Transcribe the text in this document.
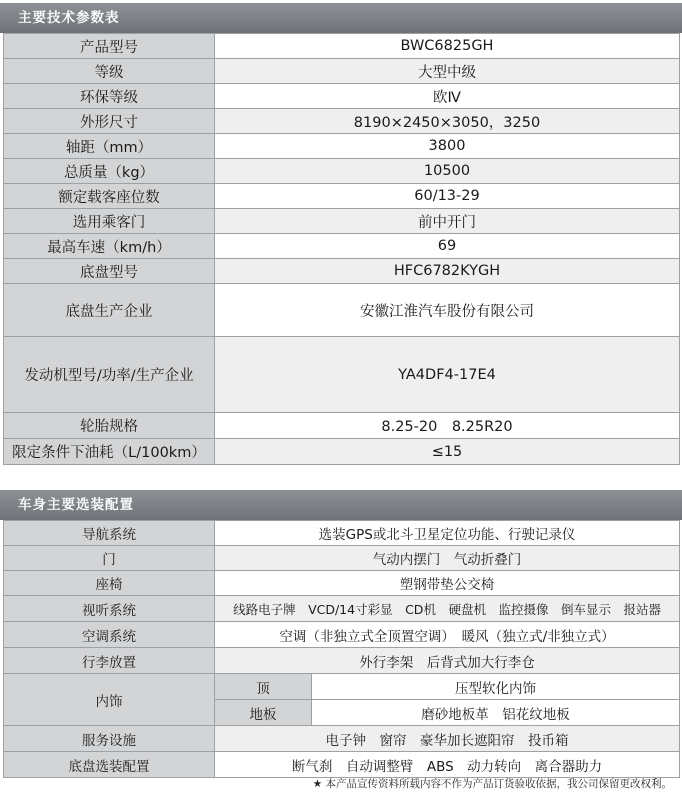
主要技术参数表
产品型号	BWC6825GH
等级	大型中级
环保等级	欧Ⅳ
外形尺寸	8190×2450×3050，3250
轴距（mm）	3800
总质量（kg）	10500
额定载客座位数	60/13-29
选用乘客门	前中开门
最高车速（km/h）	69
底盘型号	HFC6782KYGH
底盘生产企业	安徽江淮汽车股份有限公司
发动机型号/功率/生产企业	YA4DF4-17E4
轮胎规格	8.25-20　8.25R20
限定条件下油耗（L/100km）	≤15
车身主要选装配置
导航系统	选装GPS或北斗卫星定位功能、行驶记录仪	
门	气动内摆门　气动折叠门	
座椅	塑钢带垫公交椅	
视听系统	线路电子牌　VCD/14寸彩显　CD机　硬盘机　监控摄像　倒车显示　报站器	
空调系统	空调（非独立式全顶置空调）　暖风（独立式/非独立式）	
行李放置	外行李架　后背式加大行李仓	
内饰	顶	压型软化内饰
	地板	磨砂地板革　铝花纹地板
服务设施	电子钟　窗帘　豪华加长遮阳帘　投币箱	
底盘选装配置	断气刹　自动调整臂　ABS　动力转向　离合器助力	
★ 本产品宣传资料所载内容不作为产品订货验收依据，我公司保留更改权利。
